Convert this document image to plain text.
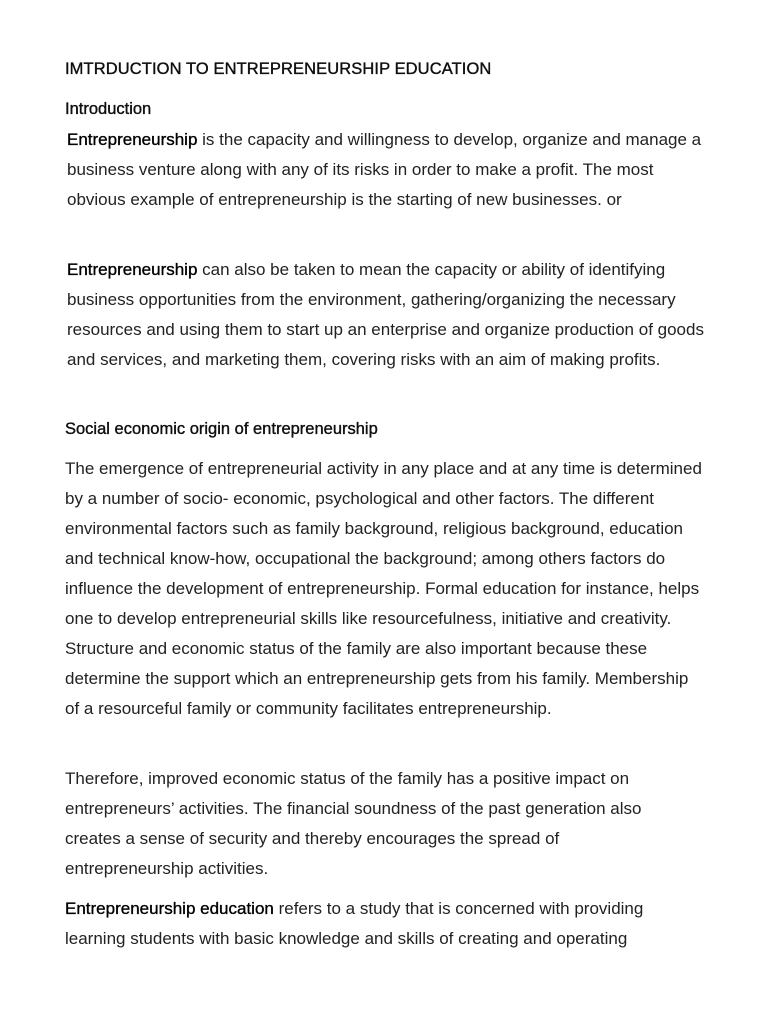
IMTRDUCTION TO ENTREPRENEURSHIP EDUCATION
Introduction

Entrepreneurship is the capacity and willingness to develop, organize and manage a business venture along with any of its risks in order to make a profit. The most obvious example of entrepreneurship is the starting of new businesses. or

Entrepreneurship can also be taken to mean the capacity or ability of identifying business opportunities from the environment, gathering/organizing the necessary resources and using them to start up an enterprise and organize production of goods and services, and marketing them, covering risks with an aim of making profits.

Social economic origin of entrepreneurship

The emergence of entrepreneurial activity in any place and at any time is determined by a number of socio- economic, psychological and other factors. The different environmental factors such as family background, religious background, education and technical know-how, occupational the background; among others factors do influence the development of entrepreneurship. Formal education for instance, helps one to develop entrepreneurial skills like resourcefulness, initiative and creativity. Structure and economic status of the family are also important because these determine the support which an entrepreneurship gets from his family. Membership of a resourceful family or community facilitates entrepreneurship.

Therefore, improved economic status of the family has a positive impact on entrepreneurs’ activities. The financial soundness of the past generation also creates a sense of security and thereby encourages the spread of entrepreneurship activities.

Entrepreneurship education refers to a study that is concerned with providing learning students with basic knowledge and skills of creating and operating
